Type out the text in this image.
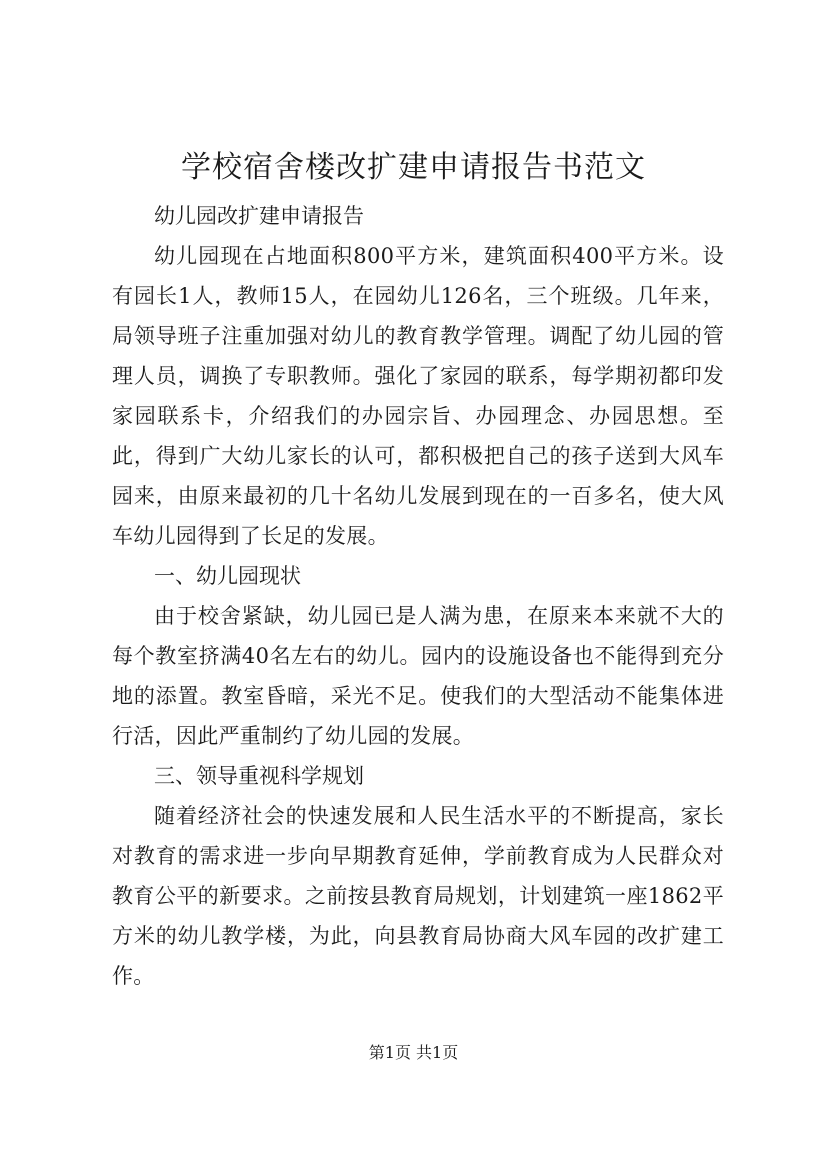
学校宿舍楼改扩建申请报告书范文

幼儿园改扩建申请报告

幼儿园现在占地面积800平方米，建筑面积400平方米。设有园长1人，教师15人，在园幼儿126名，三个班级。几年来，局领导班子注重加强对幼儿的教育教学管理。调配了幼儿园的管理人员，调换了专职教师。强化了家园的联系，每学期初都印发家园联系卡，介绍我们的办园宗旨、办园理念、办园思想。至此，得到广大幼儿家长的认可，都积极把自己的孩子送到大风车园来，由原来最初的几十名幼儿发展到现在的一百多名，使大风车幼儿园得到了长足的发展。

一、幼儿园现状

由于校舍紧缺，幼儿园已是人满为患，在原来本来就不大的每个教室挤满40名左右的幼儿。园内的设施设备也不能得到充分地的添置。教室昏暗，采光不足。使我们的大型活动不能集体进行活，因此严重制约了幼儿园的发展。

三、领导重视科学规划

随着经济社会的快速发展和人民生活水平的不断提高，家长对教育的需求进一步向早期教育延伸，学前教育成为人民群众对教育公平的新要求。之前按县教育局规划，计划建筑一座1862平方米的幼儿教学楼，为此，向县教育局协商大风车园的改扩建工作。

第1页 共1页
